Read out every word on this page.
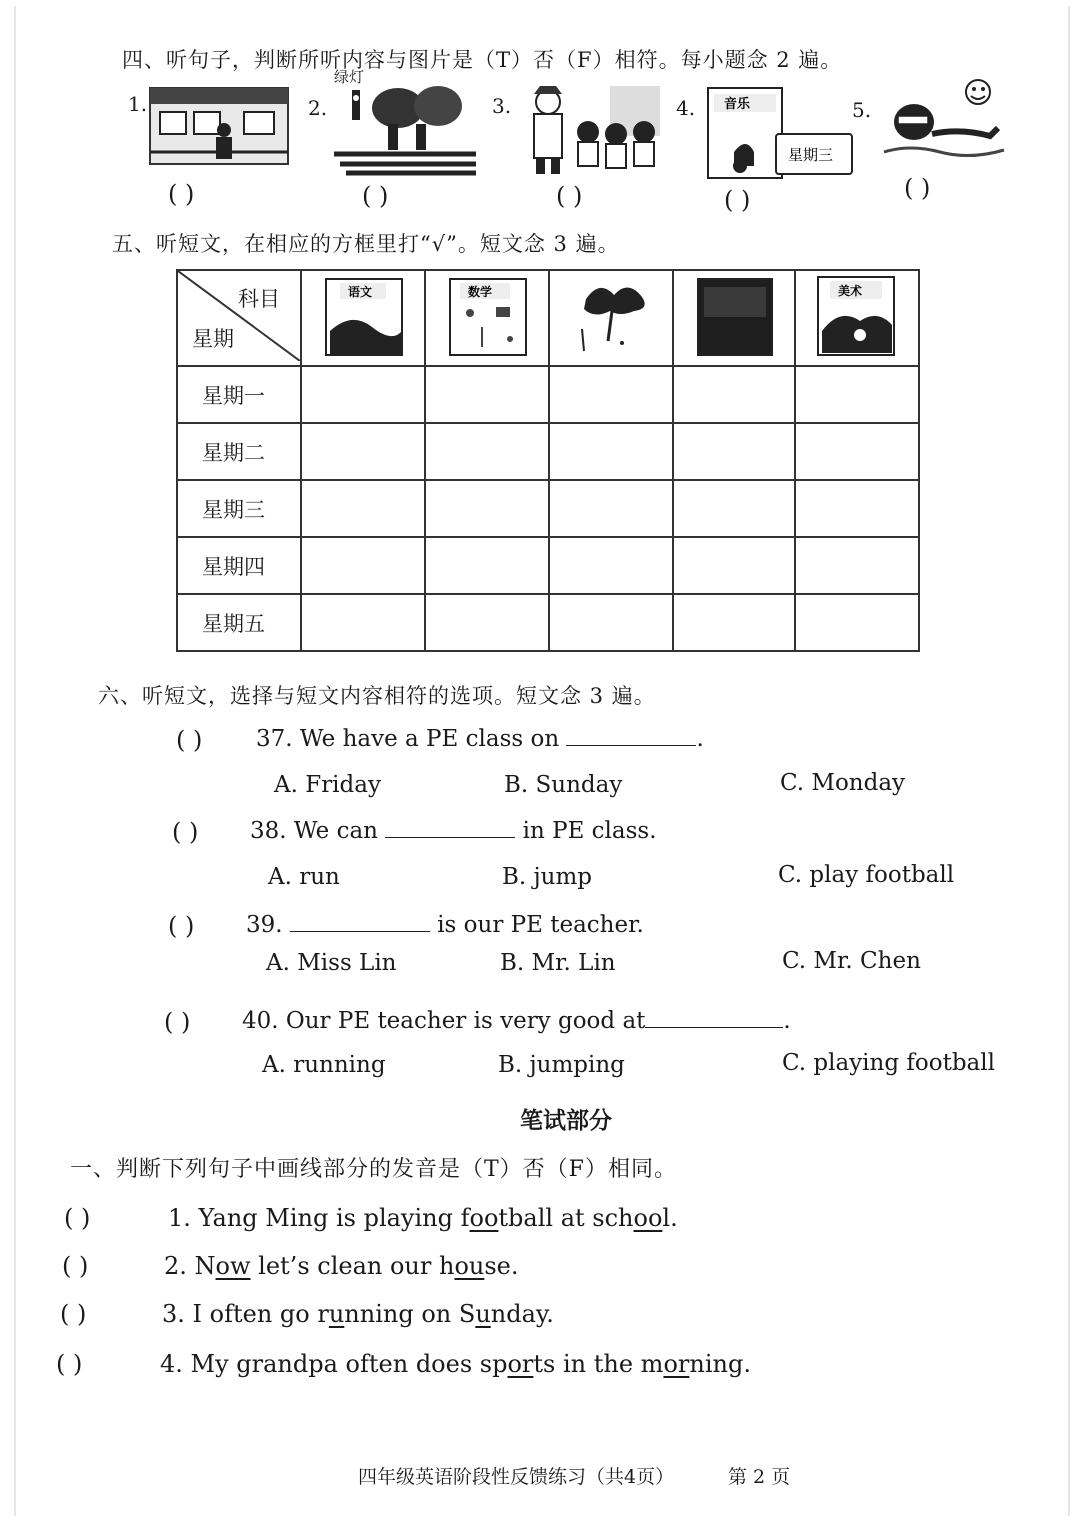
四、听句子，判断所听内容与图片是（T）否（F）相符。每小题念 2 遍。
1.
( )
2.
绿灯
( )
3.
( )
4. 音乐
星期三
( )
5.
( )
五、听短文，在相应的方框里打“√”。短文念 3 遍。
科目
星期	语文	数学			美术

星期一					
星期二					
星期三					
星期四					
星期五					
六、听短文，选择与短文内容相符的选项。短文念 3 遍。
( ) 37. We have a PE class on	.
A. Friday	B. Sunday	C. Monday
( ) 38. We can	in PE class.
A. run	B. jump	C. play football
( ) 39.	is our PE teacher.
A. Miss Lin	B. Mr. Lin	C. Mr. Chen
( ) 40. Our PE teacher is very good at	.
A. running	B. jumping	C. playing football
笔试部分
一、判断下列句子中画线部分的发音是（T）否（F）相同。
( )	1. Yang Ming is playing football at school.
( )	2. Now let’s clean our house.
( )	3. I often go running on Sunday.
( )	4. My grandpa often does sports in the morning.
四年级英语阶段性反馈练习（共4页）	第 2 页
